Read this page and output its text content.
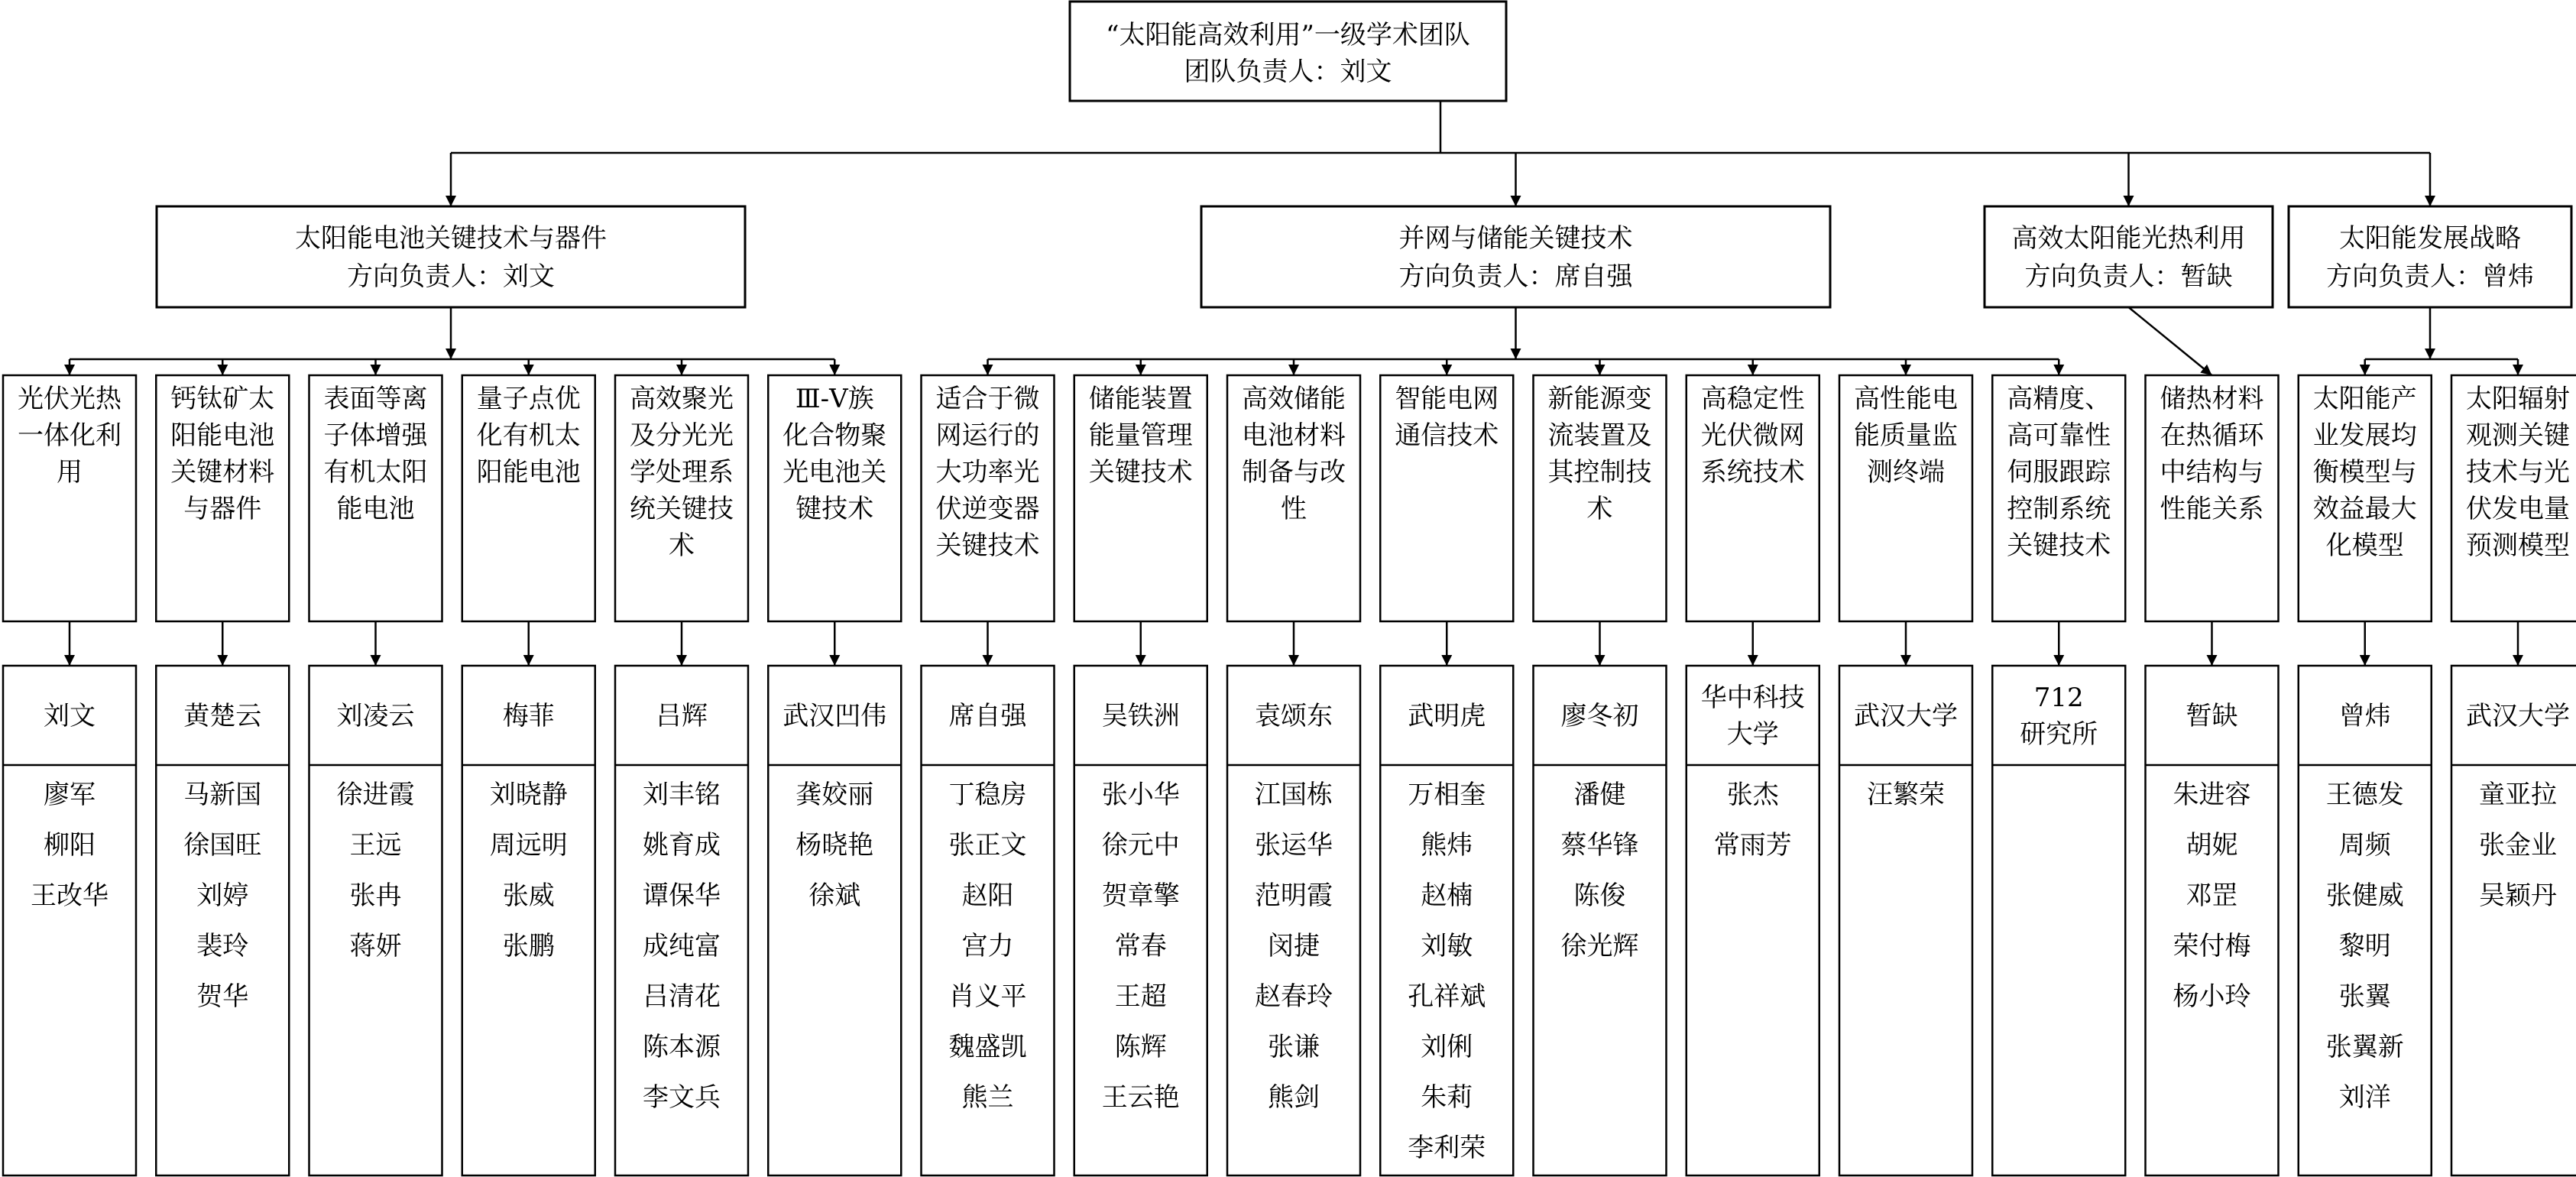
“太阳能高效利用”一级学术团队
团队负责人：刘文
太阳能电池关键技术与器件
方向负责人：刘文
并网与储能关键技术
方向负责人：席自强
高效太阳能光热利用
方向负责人：暂缺
太阳能发展战略
方向负责人：曾炜
光伏光热
一体化利
用
刘文
廖军
柳阳
王改华
钙钛矿太
阳能电池
关键材料
与器件
黄楚云
马新国
徐国旺
刘婷
裴玲
贺华
表面等离
子体增强
有机太阳
能电池
刘凌云
徐进霞
王远
张冉
蒋妍
量子点优
化有机太
阳能电池
梅菲
刘晓静
周远明
张威
张鹏
高效聚光
及分光光
学处理系
统关键技
术
吕辉
刘丰铭
姚育成
谭保华
成纯富
吕清花
陈本源
李文兵
Ⅲ-Ⅴ族
化合物聚
光电池关
键技术
武汉凹伟
龚姣丽
杨晓艳
徐斌
适合于微
网运行的
大功率光
伏逆变器
关键技术
席自强
丁稳房
张正文
赵阳
宫力
肖义平
魏盛凯
熊兰
储能装置
能量管理
关键技术
吴铁洲
张小华
徐元中
贺章擎
常春
王超
陈辉
王云艳
高效储能
电池材料
制备与改
性
袁颂东
江国栋
张运华
范明霞
闵捷
赵春玲
张谦
熊剑
智能电网
通信技术
武明虎
万相奎
熊炜
赵楠
刘敏
孔祥斌
刘俐
朱莉
李利荣
新能源变
流装置及
其控制技
术
廖冬初
潘健
蔡华锋
陈俊
徐光辉
高稳定性
光伏微网
系统技术
华中科技
大学
张杰
常雨芳
高性能电
能质量监
测终端
武汉大学
汪繁荣
高精度、
高可靠性
伺服跟踪
控制系统
关键技术
712
研究所
储热材料
在热循环
中结构与
性能关系
暂缺
朱进容
胡妮
邓罡
荣付梅
杨小玲
太阳能产
业发展均
衡模型与
效益最大
化模型
曾炜
王德发
周频
张健威
黎明
张翼
张翼新
刘洋
太阳辐射
观测关键
技术与光
伏发电量
预测模型
武汉大学
童亚拉
张金业
吴颖丹
